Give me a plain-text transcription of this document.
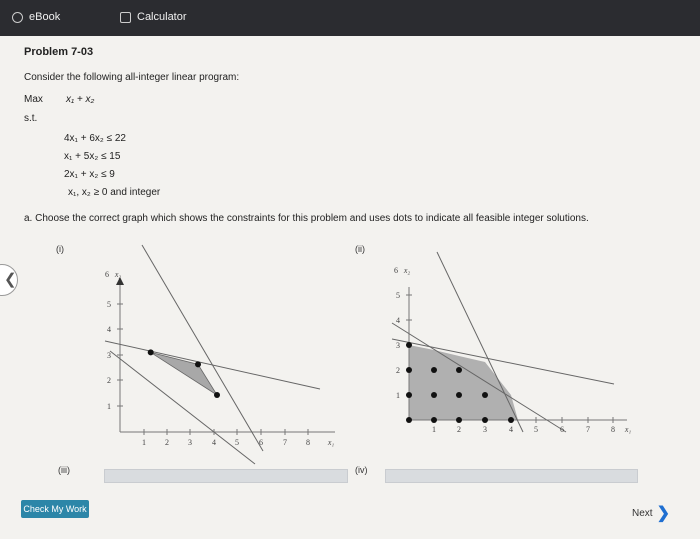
eBook	Calculator
Problem 7-03
Consider the following all-integer linear program:
Max x₁ + x₂
s.t.
4x₁ + 6x₂ ≤ 22
x₁ + 5x₂ ≤ 15
2x₁ + x₂ ≤ 9
x₁, x₂ ≥ 0 and integer
a. Choose the correct graph which shows the constraints for this problem and uses dots to indicate all feasible integer solutions.
(i)	(ii)
1
2
3
4
5
6 x₂
1 2 3	4 5	6	7 8 x₁
1
2
3
4
5
6 x₂
1	2	3	4	5	6	7	8 x₁
(iii)	(iv)
Check My Work	Next ❯
❮
